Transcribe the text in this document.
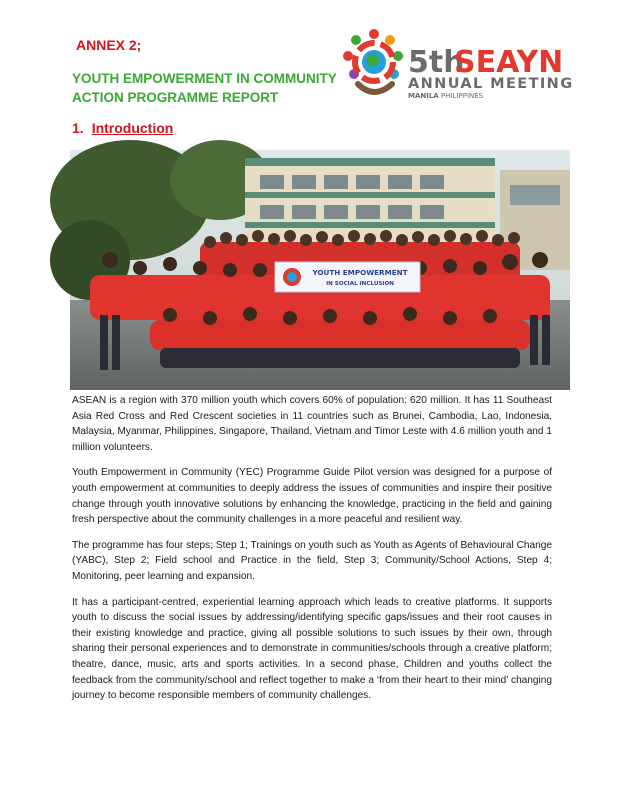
ANNEX 2;
YOUTH EMPOWERMENT IN COMMUNITY ACTION PROGRAMME REPORT
5th
SEAYN
ANNUAL MEETING
MANILA PHILIPPINES
1. Introduction
YOUTH EMPOWERMENT
IN SOCIAL INCLUSION

ASEAN is a region with 370 million youth which covers 60% of population: 620 million. It has 11 Southeast Asia Red Cross and Red Crescent societies in 11 countries such as Brunei, Cambodia, Lao, Indonesia, Malaysia, Myanmar, Philippines, Singapore, Thailand, Vietnam and Timor Leste with 4.6 million youth and 1 million volunteers.

Youth Empowerment in Community (YEC) Programme Guide Pilot version was designed for a purpose of youth empowerment at communities to deeply address the issues of communities and inspire their positive change through youth innovative solutions by enhancing the knowledge, practicing in the field and gaining fresh perspective about the community challenges in a more peaceful and resilient way.

The programme has four steps; Step 1; Trainings on youth such as Youth as Agents of Behavioural Change (YABC), Step 2; Field school and Practice in the field, Step 3; Community/School Actions, Step 4; Monitoring, peer learning and expansion.

It has a participant-centred, experiential learning approach which leads to creative platforms. It supports youth to discuss the social issues by addressing/identifying specific gaps/issues and their root causes in their existing knowledge and practice, giving all possible solutions to such issues by their own, through sharing their personal experiences and to demonstrate in communities/schools through a creative platform; theatre, dance, music, arts and sports activities. In a second phase, Children and youths collect the feedback from the community/school and reflect together to make a ‘from their heart to their mind’ changing journey to become responsible members of community challenges.
